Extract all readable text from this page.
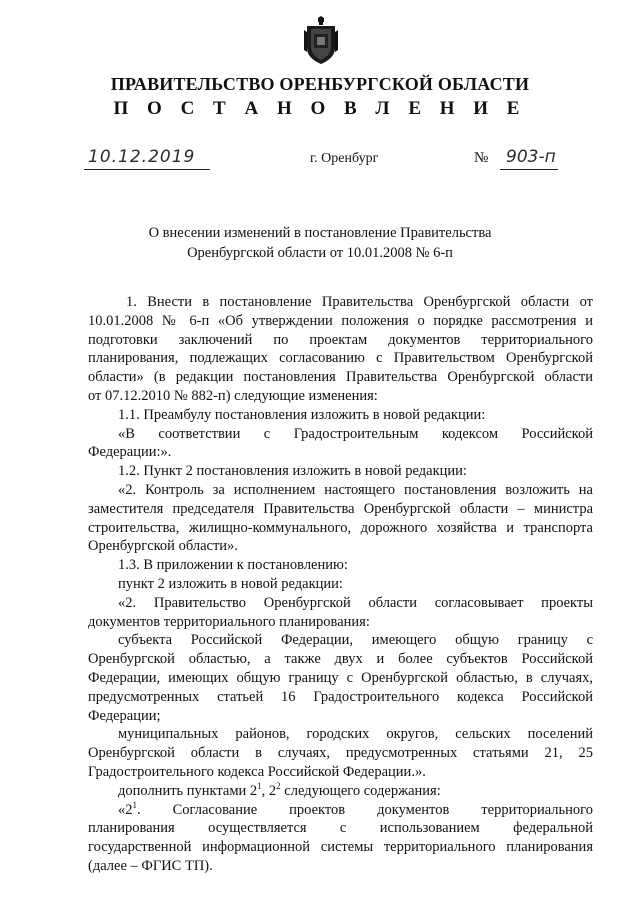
ПРАВИТЕЛЬСТВО ОРЕНБУРГСКОЙ ОБЛАСТИ
П О С Т А Н О В Л Е Н И Е
10.12.2019	г. Оренбург	№ 903-п
О внесении изменений в постановление Правительства
Оренбургской области от 10.01.2008 № 6-п
1. Внести в постановление Правительства Оренбургской области от
10.01.2008 № 6-п «Об утверждении положения о порядке рассмотрения и
подготовки заключений по проектам документов территориального
планирования, подлежащих согласованию с Правительством Оренбургской
области» (в редакции постановления Правительства Оренбургской области
от 07.12.2010 № 882-п) следующие изменения:
1.1. Преамбулу постановления изложить в новой редакции:
«В соответствии с Градостроительным кодексом Российской
Федерации:».
1.2. Пункт 2 постановления изложить в новой редакции:
«2. Контроль за исполнением настоящего постановления возложить на
заместителя председателя Правительства Оренбургской области – министра
строительства, жилищно-коммунального, дорожного хозяйства и транспорта
Оренбургской области».
1.3. В приложении к постановлению:
пункт 2 изложить в новой редакции:
«2. Правительство Оренбургской области согласовывает проекты
документов территориального планирования:
субъекта Российской Федерации, имеющего общую границу с
Оренбургской областью, а также двух и более субъектов Российской
Федерации, имеющих общую границу с Оренбургской областью, в случаях,
предусмотренных статьей 16 Градостроительного кодекса Российской
Федерации;
муниципальных районов, городских округов, сельских поселений
Оренбургской области в случаях, предусмотренных статьями 21, 25
Градостроительного кодекса Российской Федерации.».
дополнить пунктами $2^1$, $2^2$ следующего содержания:
«$2^1$. Согласование проектов документов территориального
планирования осуществляется с использованием федеральной
государственной информационной системы территориального планирования
(далее – ФГИС ТП).
